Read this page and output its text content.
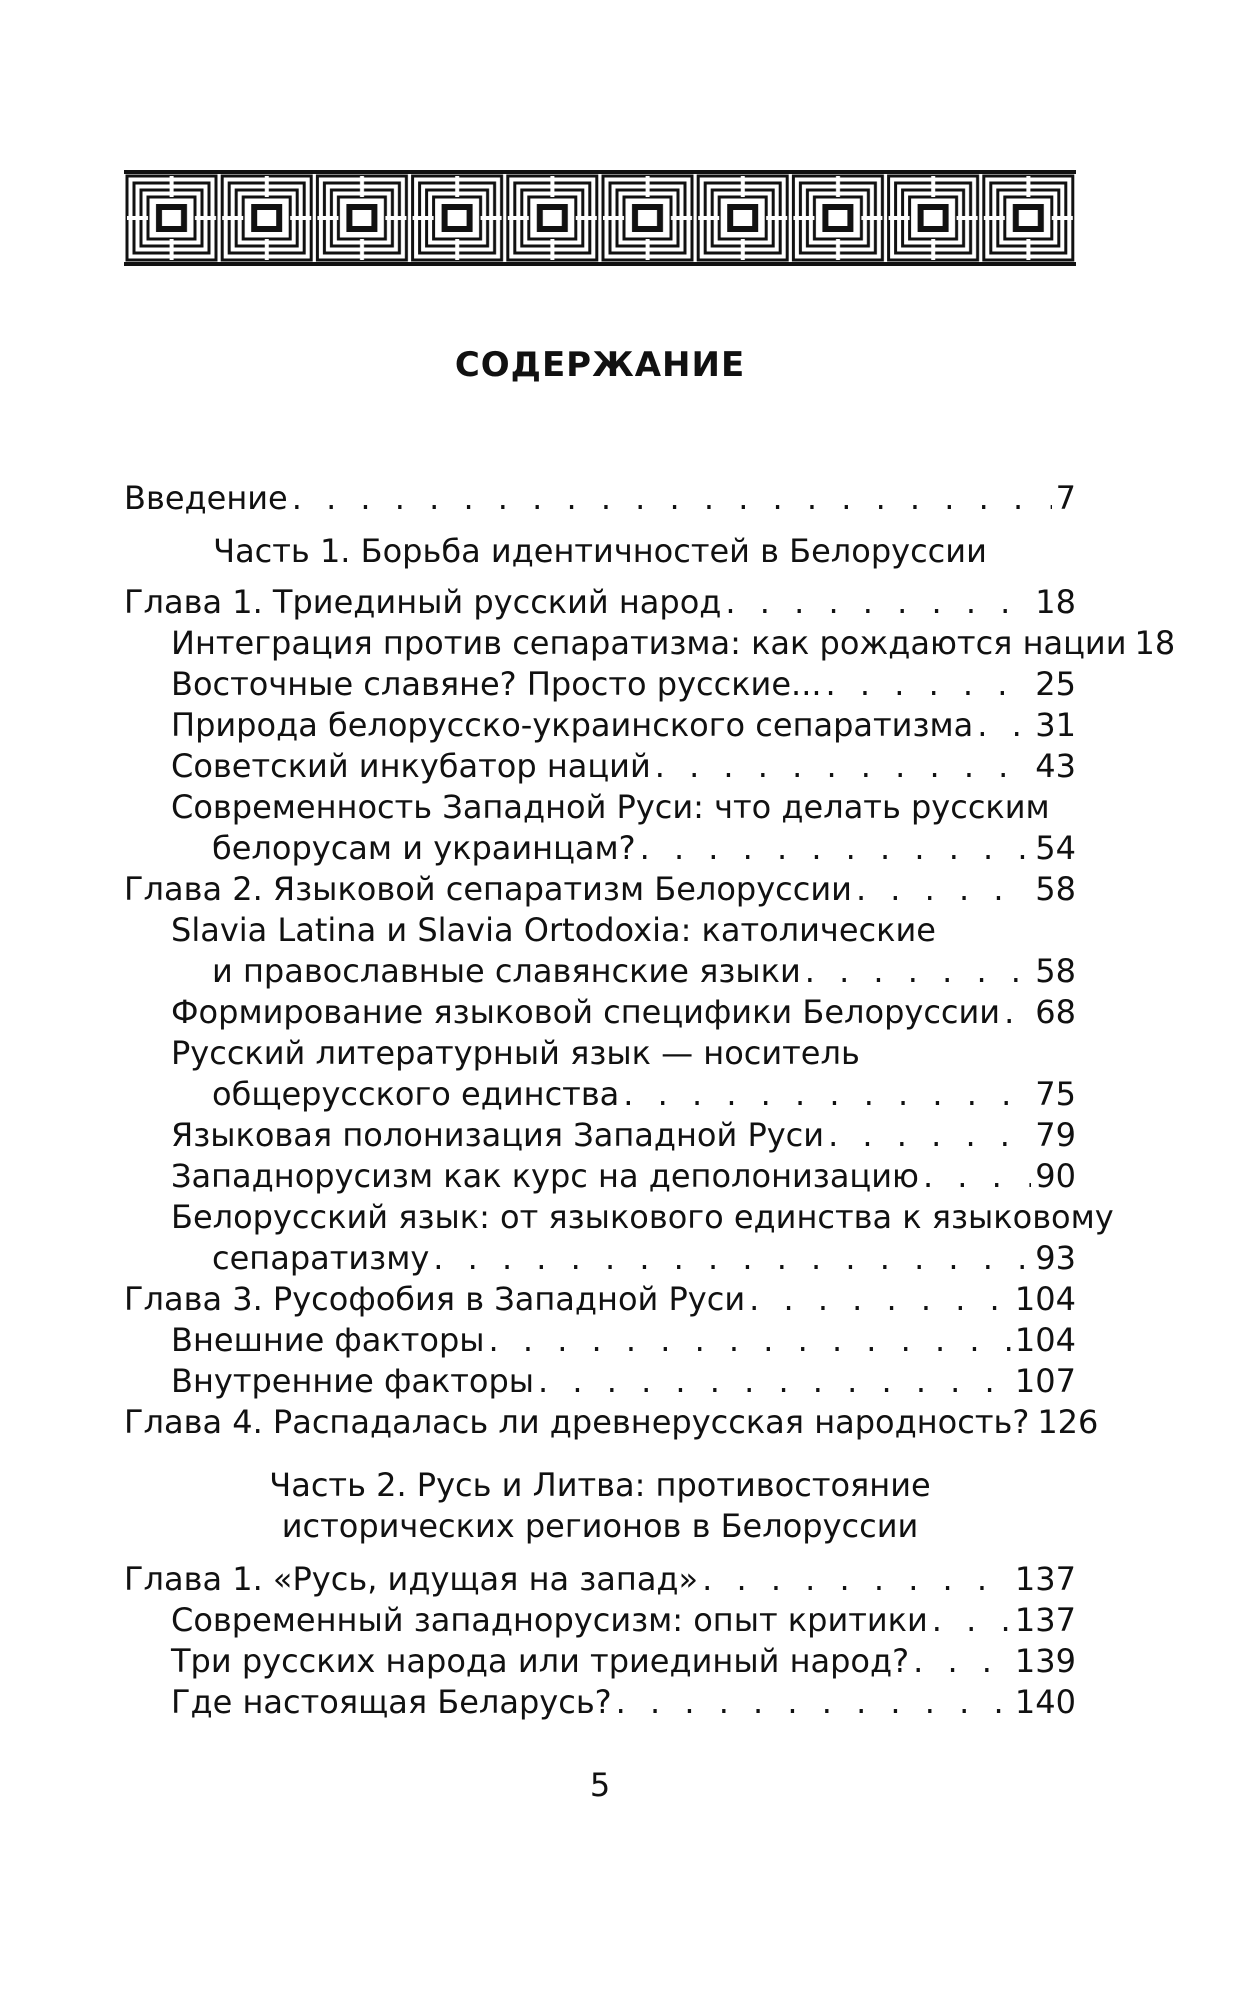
СОДЕРЖАНИЕ
Введение . . .	7
Часть 1. Борьба идентичностей в Белоруссии
Глава 1. Триединый русский народ . . .	18
Интеграция против сепаратизма: как рождаются нации 18
Восточные славяне? Просто русские... . . .	25
Природа белорусско-украинского сепаратизма . . . 31
Советский инкубатор наций . . .	43
Современность Западной Руси: что делать русским
белорусам и украинцам? . . .	54
Глава 2. Языковой сепаратизм Белоруссии . . .	58
Slavia Latina и Slavia Ortodoxia: католические
и православные славянские языки . . .	58
Формирование языковой специфики Белоруссии . . . 68
Русский литературный язык — носитель
общерусского единства . . .	75
Языковая полонизация Западной Руси . . .	79
Западнорусизм как курс на деполонизацию . . .	90
Белорусский язык: от языкового единства к языковому
сепаратизму . . .	93
Глава 3. Русофобия в Западной Руси . . .	104
Внешние факторы . . .	104
Внутренние факторы . . .	107
Глава 4. Распадалась ли древнерусская народность? 126
Часть 2. Русь и Литва: противостояние
исторических регионов в Белоруссии
Глава 1. «Русь, идущая на запад» . . .	137
Современный западнорусизм: опыт критики . . .	137
Три русских народа или триединый народ? . . .	139
Где настоящая Беларусь? . . .	140
5
